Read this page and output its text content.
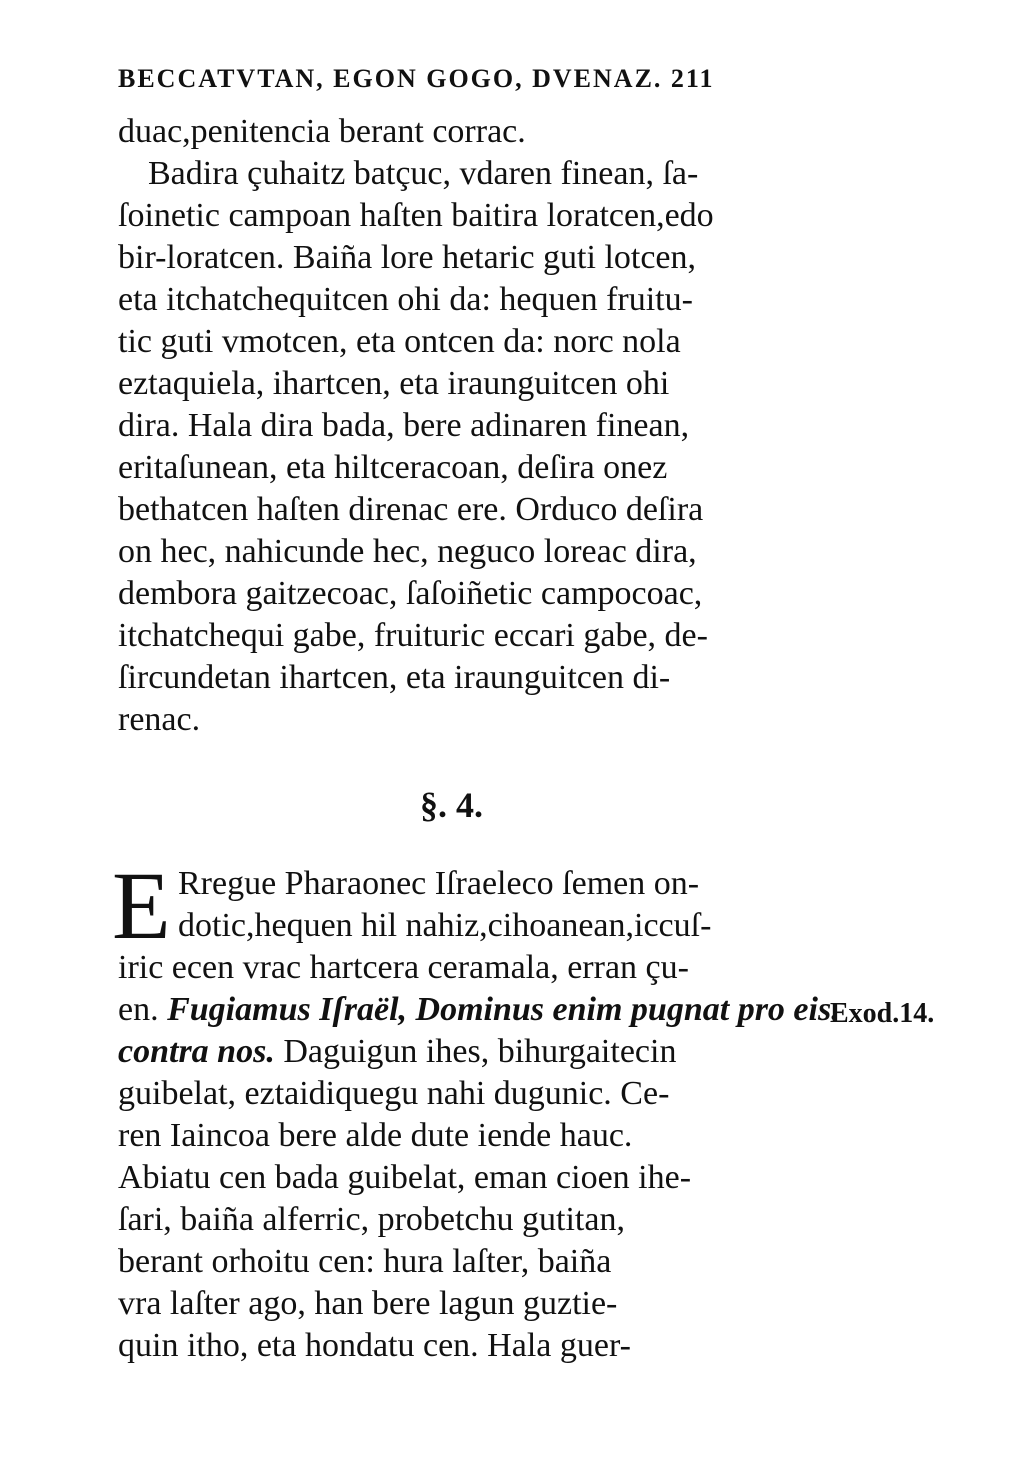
BECCATVTAN, EGON GOGO, DVENAZ. 211
duac,penitencia berant corrac.
Badira çuhaitz batçuc, vdaren finean, ſa-
ſoinetic campoan haſten baitira loratcen,edo
bir-loratcen. Baiña lore hetaric guti lotcen,
eta itchatchequitcen ohi da: hequen fruitu-
tic guti vmotcen, eta ontcen da: norc nola
eztaquiela, ihartcen, eta iraunguitcen ohi
dira. Hala dira bada, bere adinaren finean,
eritaſunean, eta hiltceracoan, deſira onez
bethatcen haſten direnac ere. Orduco deſira
on hec, nahicunde hec, neguco loreac dira,
dembora gaitzecoac, ſaſoiñetic campocoac,
itchatchequi gabe, fruituric eccari gabe, de-
ſircundetan ihartcen, eta iraunguitcen di-
renac.
§. 4.
E Rregue Pharaonec Iſraeleco ſemen on-
dotic,hequen hil nahiz,cihoanean,iccuſ-
iric ecen vrac hartcera ceramala, erran çu-
en. Fugiamus Iſraël, Dominus enim pugnat pro eis.
Exod.14.
contra nos. Daguigun ihes, bihurgaitecin
guibelat, eztaidiquegu nahi dugunic. Ce-
ren Iaincoa bere alde dute iende hauc.
Abiatu cen bada guibelat, eman cioen ihe-
ſari, baiña alferric, probetchu gutitan,
berant orhoitu cen: hura laſter, baiña
vra laſter ago, han bere lagun guztie-
quin itho, eta hondatu cen. Hala guer-
